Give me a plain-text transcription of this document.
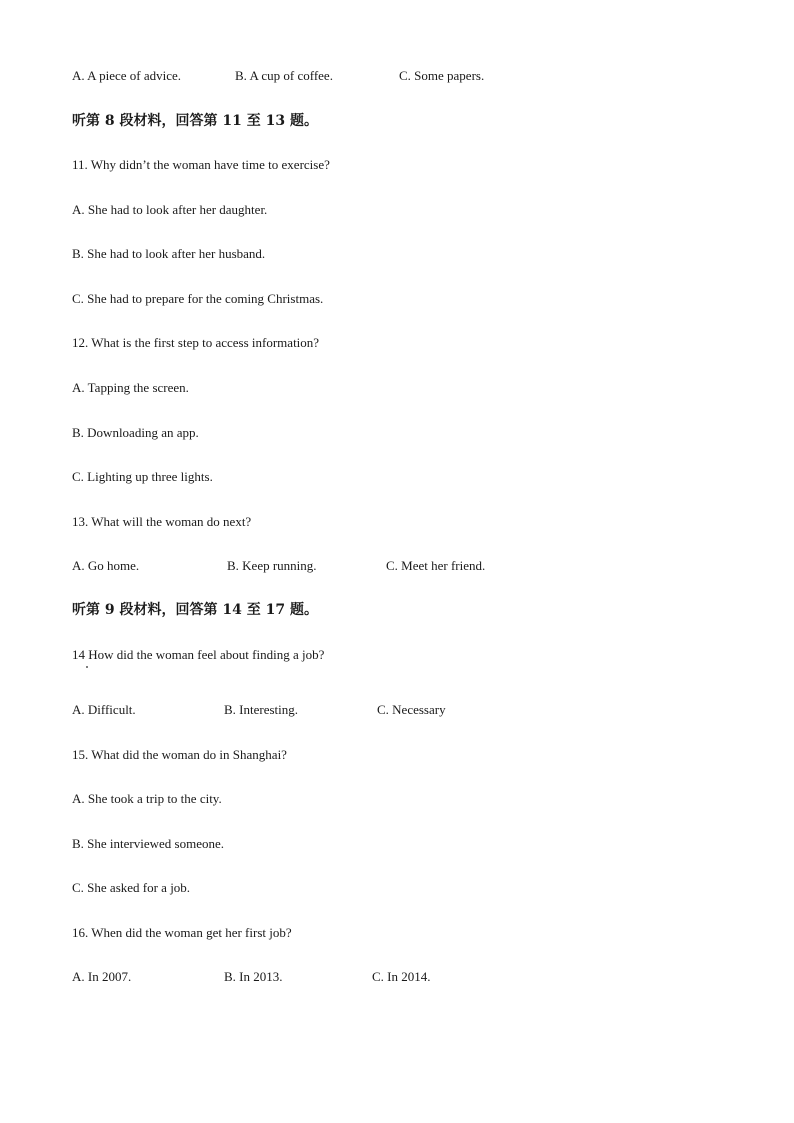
A. A piece of advice.	B. A cup of coffee.	C. Some papers.
听第 8 段材料，回答第 11 至 13 题。
11. Why didn’t the woman have time to exercise?
A. She had to look after her daughter.
B. She had to look after her husband.
C. She had to prepare for the coming Christmas.
12. What is the first step to access information?
A. Tapping the screen.
B. Downloading an app.
C. Lighting up three lights.
13. What will the woman do next?
A. Go home.	B. Keep running.	C. Meet her friend.
听第 9 段材料，回答第 14 至 17 题。
14 How did the woman feel about finding a job?
A. Difficult.	B. Interesting.	C. Necessary
15. What did the woman do in Shanghai?
A. She took a trip to the city.
B. She interviewed someone.
C. She asked for a job.
16. When did the woman get her first job?
A. In 2007.	B. In 2013.	C. In 2014.
